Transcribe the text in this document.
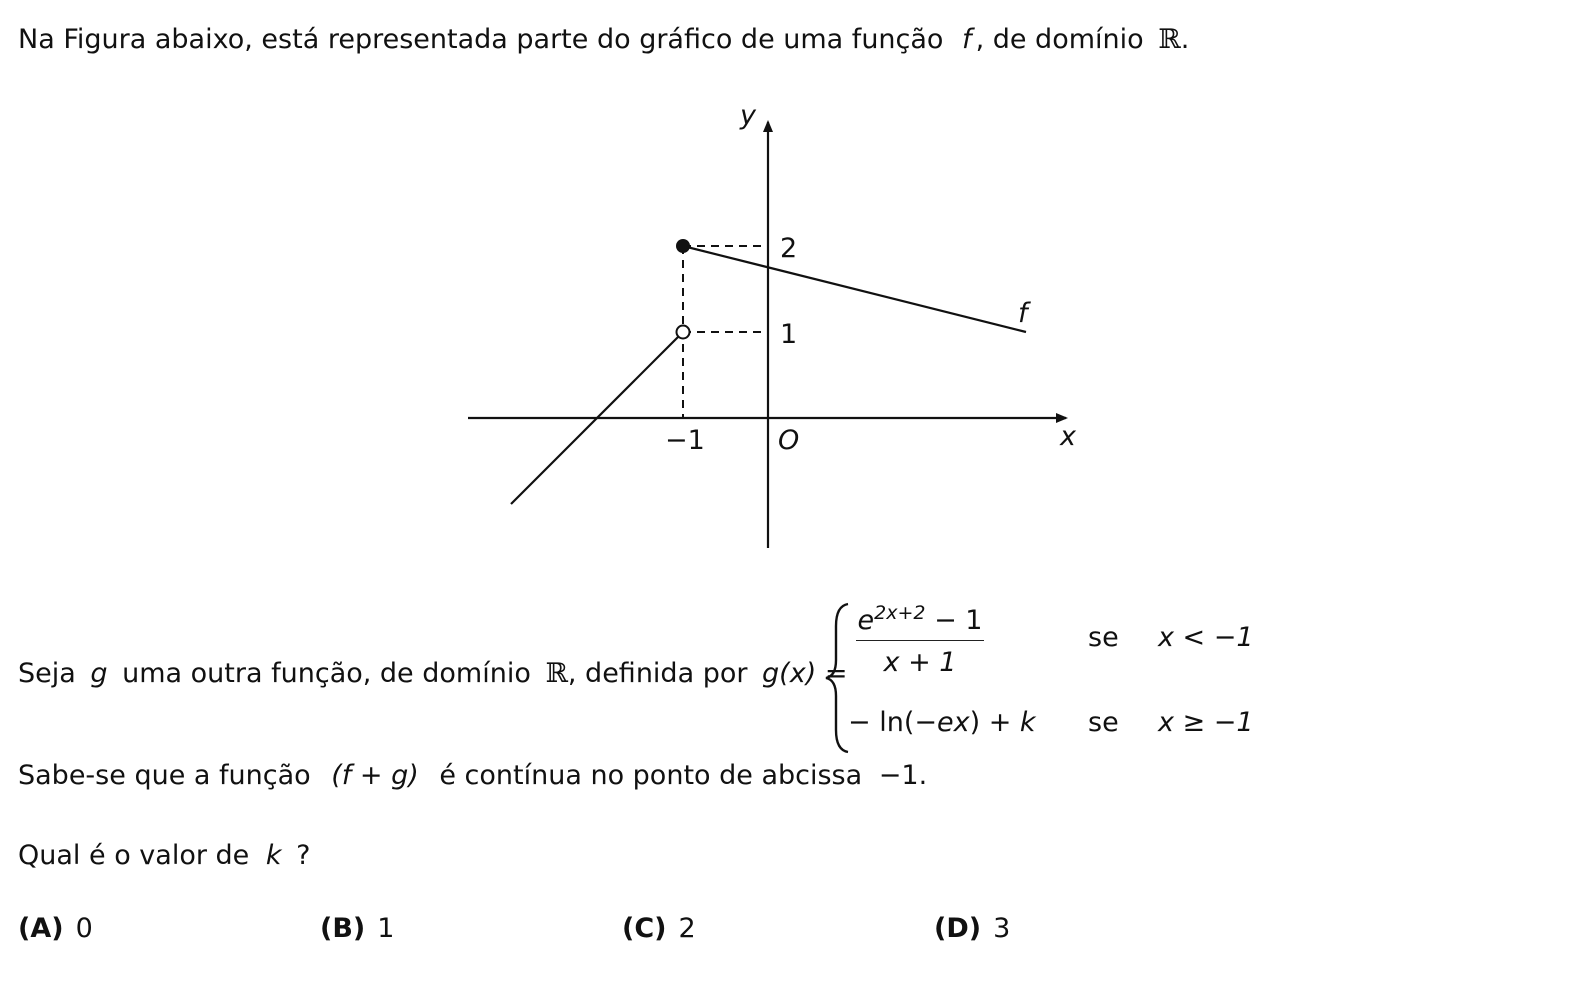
Na Figura abaixo, está representada parte do gráfico de uma função f , de domínio ℝ.
y
x
O
−1
1
2
f
Seja g uma outra função, de domínio ℝ, definida por $g(x) = \frac{e^{2x+2} - 1}{x + 1}$	se x < −1
− ln(−ex) + k se x ≥ −1
Sabe-se que a função (f + g) é contínua no ponto de abcissa −1.
Qual é o valor de k ?
(A) 0	(B) 1	(C) 2	(D) 3
